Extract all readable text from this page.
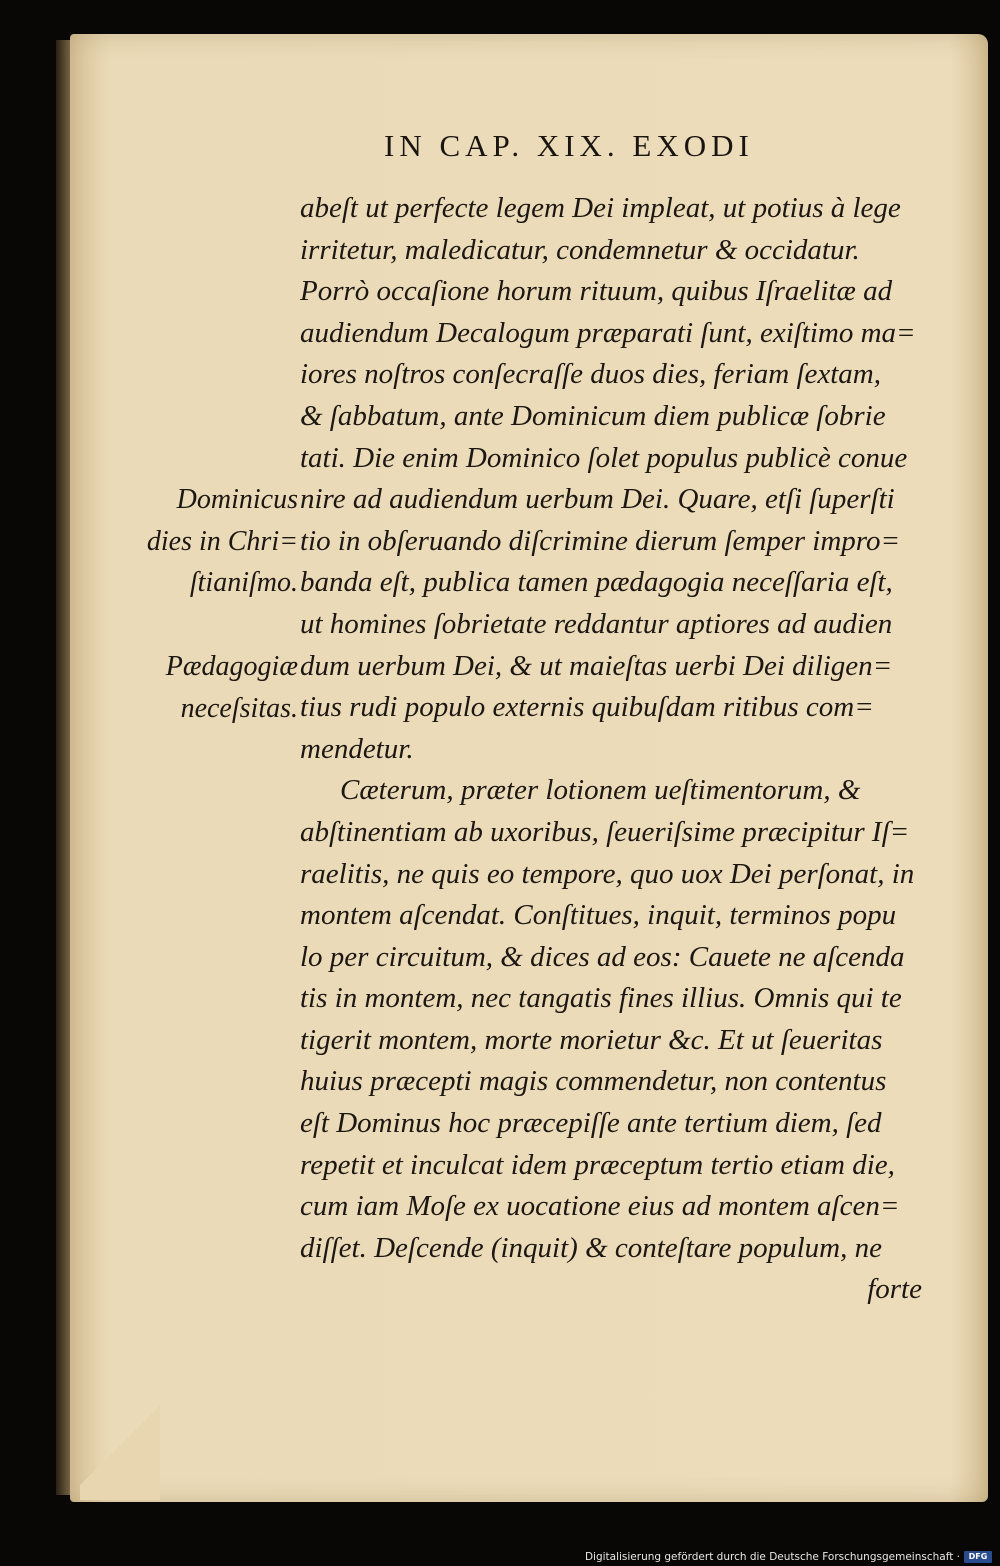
IN CAP. XIX. EXODI
abeſt ut perfecte legem Dei impleat, ut potius à lege
irritetur, maledicatur, condemnetur & occidatur.
Porrò occaſione horum rituum, quibus Iſraelitæ ad
audiendum Decalogum præparati ſunt, exiſtimo ma=
iores noſtros conſecraſſe duos dies, feriam ſextam,
& ſabbatum, ante Dominicum diem publicæ ſobrie
tati. Die enim Dominico ſolet populus publicè conue
nire ad audiendum uerbum Dei. Quare, etſi ſuperſti
tio in obſeruando diſcrimine dierum ſemper impro=
banda eſt, publica tamen pædagogia neceſſaria eſt,
ut homines ſobrietate reddantur aptiores ad audien
dum uerbum Dei, & ut maieſtas uerbi Dei diligen=
tius rudi populo externis quibuſdam ritibus com=
mendetur.
Cæterum, præter lotionem ueſtimentorum, &
abſtinentiam ab uxoribus, ſeueriſsime præcipitur Iſ=
raelitis, ne quis eo tempore, quo uox Dei perſonat, in
montem aſcendat. Conſtitues, inquit, terminos popu
lo per circuitum, & dices ad eos: Cauete ne aſcenda
tis in montem, nec tangatis fines illius. Omnis qui te
tigerit montem, morte morietur &c. Et ut ſeueritas
huius præcepti magis commendetur, non contentus
eſt Dominus hoc præcepiſſe ante tertium diem, ſed
repetit et inculcat idem præceptum tertio etiam die,
cum iam Moſe ex uocatione eius ad montem aſcen=
diſſet. Deſcende (inquit) & conteſtare populum, ne
forte
Dominicus
dies in Chri=
ſtianiſmo.
Pædagogiæ
neceſsitas.
Digitalisierung gefördert durch die Deutsche Forschungsgemeinschaft ·	DFG
